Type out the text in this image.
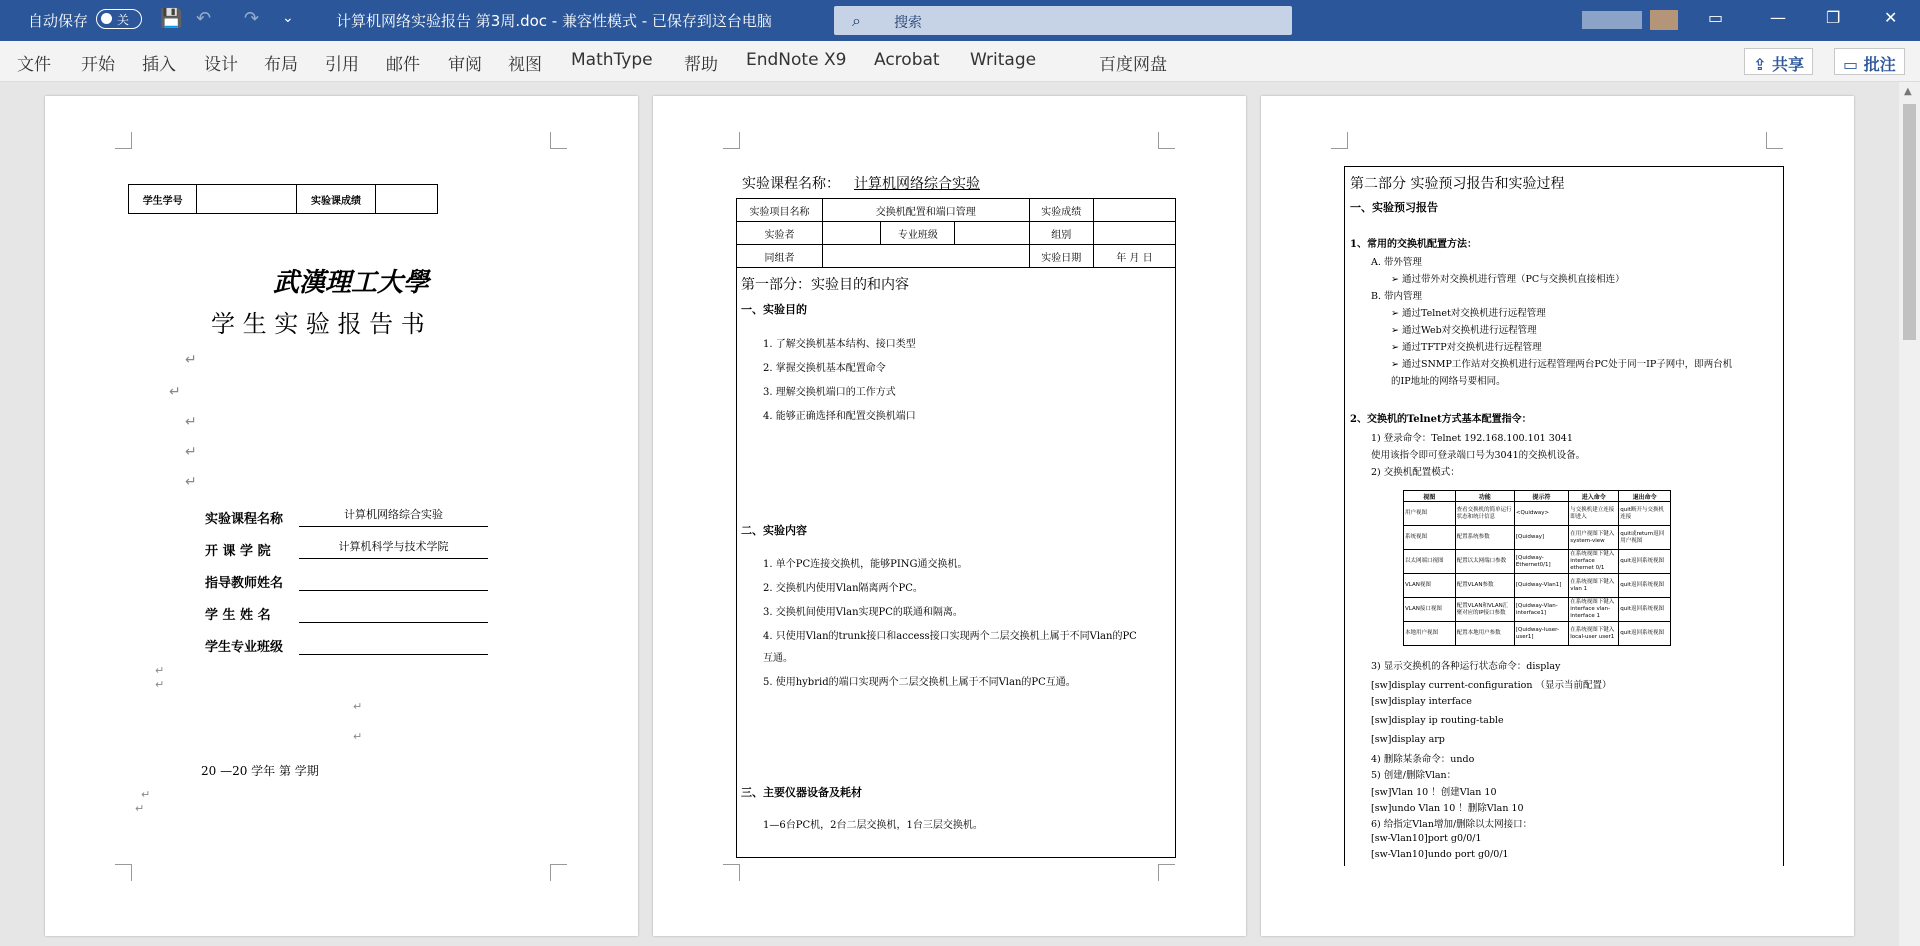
自动保存 关 💾 ↶ ↷ ⌄	计算机网络实验报告 第3周.doc - 兼容性模式 - 已保存到这台电脑	⌕ 搜索	▭	—	❐	✕
文件 开始 插入 设计 布局 引用 邮件 审阅 视图 MathType 帮助 EndNote X9 Acrobat Writage	百度网盘	⇪ 共享	▭ 批注
学生学号		实验课成绩	
武漢理工大學
学 生 实 验 报 告 书
↵
↵
↵
↵
↵
实验课程名称	计算机网络综合实验
开 课 学 院	计算机科学与技术学院
指导教师姓名
学 生 姓 名
学生专业班级
↵
↵
↵
↵
20 —20 学年 第 学期
↵
↵
实验课程名称： 计算机网络综合实验
实验项目名称	交换机配置和端口管理			实验成绩	
实验者		专业班级		组别	
同组者				实验日期	年 月 日
第一部分：实验目的和内容
一、实验目的
1. 了解交换机基本结构、接口类型
2. 掌握交换机基本配置命令
3. 理解交换机端口的工作方式
4. 能够正确选择和配置交换机端口
二、实验内容
1. 单个PC连接交换机，能够PING通交换机。
2. 交换机内使用Vlan隔离两个PC。
3. 交换机间使用Vlan实现PC的联通和隔离。
4. 只使用Vlan的trunk接口和access接口实现两个二层交换机上属于不同Vlan的PC
互通。
5. 使用hybrid的端口实现两个二层交换机上属于不同Vlan的PC互通。
三、主要仪器设备及耗材
1—6台PC机，2台二层交换机，1台三层交换机。
第二部分 实验预习报告和实验过程
一、实验预习报告
1、常用的交换机配置方法：
A. 带外管理
➢ 通过带外对交换机进行管理（PC与交换机直接相连）
B. 带内管理
➢ 通过Telnet对交换机进行远程管理
➢ 通过Web对交换机进行远程管理
➢ 通过TFTP对交换机进行远程管理
➢ 通过SNMP工作站对交换机进行远程管理两台PC处于同一IP子网中，即两台机
的IP地址的网络号要相同。
2、交换机的Telnet方式基本配置指令：
1) 登录命令：Telnet 192.168.100.101 3041
使用该指令即可登录端口号为3041的交换机设备。
2) 交换机配置模式：
视图	功能	提示符	进入命令	退出命令
用户视图	查看交换机的简单运行状态和统计信息	<Quidway>	与交换机建立连接即进入	quit断开与交换机连接
系统视图	配置系统参数	[Quidway]	在用户视图下键入system-view	quit或return返回用户视图
以太网端口视图	配置以太网端口参数	[Quidway-Ethernet0/1]	在系统视图下键入interface ethernet 0/1	quit返回系统视图
VLAN视图	配置VLAN参数	[Quidway-Vlan1]	在系统视图下键入vlan 1	quit返回系统视图
VLAN接口视图	配置VLAN和VLAN汇聚对应的IP接口参数	[Quidway-Vlan-interface1]	在系统视图下键入interface vlan-interface 1	quit返回系统视图
本地用户视图	配置本地用户参数	[Quidway-luser-user1]	在系统视图下键入local-user user1	quit返回系统视图
3) 显示交换机的各种运行状态命令：display
[sw]display current-configuration （显示当前配置）
[sw]display interface
[sw]display ip routing-table
[sw]display arp
4) 删除某条命令：undo
5) 创建/删除Vlan：
[sw]Vlan 10 ！创建Vlan 10
[sw]undo Vlan 10 ！删除Vlan 10
6) 给指定Vlan增加/删除以太网接口：
[sw-Vlan10]port g0/0/1
[sw-Vlan10]undo port g0/0/1
▲
